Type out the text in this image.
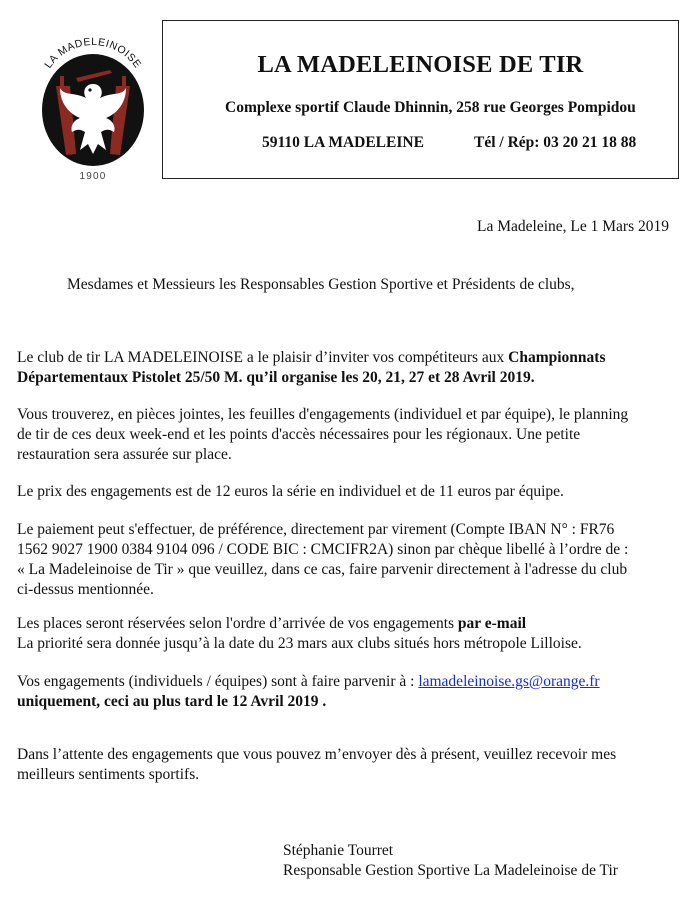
LA MADELEINOISE
1900
LA MADELEINOISE DE TIR
Complexe sportif Claude Dhinnin, 258 rue Georges Pompidou
59110 LA MADELEINE	Tél / Rép: 03 20 21 18 88
La Madeleine, Le 1 Mars 2019
Mesdames et Messieurs les Responsables Gestion Sportive et Présidents de clubs,
Le club de tir LA MADELEINOISE a le plaisir d’inviter vos compétiteurs aux Championnats
Départementaux Pistolet 25/50 M. qu’il organise les 20, 21, 27 et 28 Avril 2019.
Vous trouverez, en pièces jointes, les feuilles d'engagements (individuel et par équipe), le planning
de tir de ces deux week-end et les points d'accès nécessaires pour les régionaux. Une petite
restauration sera assurée sur place.
Le prix des engagements est de 12 euros la série en individuel et de 11 euros par équipe.
Le paiement peut s'effectuer, de préférence, directement par virement (Compte IBAN N° : FR76
1562 9027 1900 0384 9104 096 / CODE BIC : CMCIFR2A) sinon par chèque libellé à l’ordre de :
« La Madeleinoise de Tir » que veuillez, dans ce cas, faire parvenir directement à l'adresse du club
ci-dessus mentionnée.
Les places seront réservées selon l'ordre d’arrivée de vos engagements par e-mail
La priorité sera donnée jusqu’à la date du 23 mars aux clubs situés hors métropole Lilloise.
Vos engagements (individuels / équipes) sont à faire parvenir à : lamadeleinoise.gs@orange.fr
uniquement, ceci au plus tard le 12 Avril 2019 .
Dans l’attente des engagements que vous pouvez m’envoyer dès à présent, veuillez recevoir mes
meilleurs sentiments sportifs.
Stéphanie Tourret
Responsable Gestion Sportive La Madeleinoise de Tir
